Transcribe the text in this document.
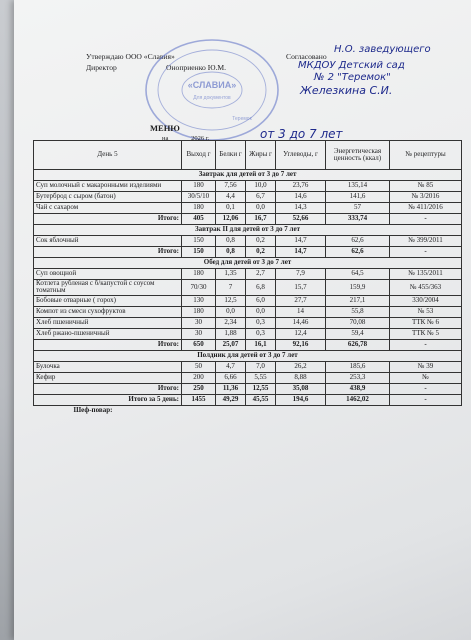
Утверждаю ООО «Славия»
Директор	Оноприенко Ю.М.
«СЛАВИА»
Для документов
Теремок
Согласовано
Н.О. заведующего
МКДОУ Детский сад
№ 2 "Теремок"
Железкина С.И.
МЕНЮ
на ______ 2026 г.	от 3 до 7 лет
День 5	Выход г	Белки г	Жиры г	Углеводы, г	Энергетическая ценность (ккал)	№ рецептуры
Завтрак для детей от 3 до 7 лет						
Суп молочный с макаронными изделиями	180	7,56	10,0	23,76	135,14	№ 85
Бутерброд с сыром (батон)	30/5/10	4,4	6,7	14,6	141,6	№ 3/2016
Чай с сахаром	180	0,1	0,0	14,3	57	№ 411/2016
Итого:	405	12,06	16,7	52,66	333,74	-
Завтрак II для детей от 3 до 7 лет						
Сок яблочный	150	0,8	0,2	14,7	62,6	№ 399/2011
Итого:	150	0,8	0,2	14,7	62,6	-
Обед для детей от 3 до 7 лет						
Суп овощной	180	1,35	2,7	7,9	64,5	№ 135/2011
Котлета рубленая с б/капустой с соусом томатным	70/30	7	6,8	15,7	159,9	№ 455/363
Бобовые отварные ( горох)	130	12,5	6,0	27,7	217,1	330/2004
Компот из смеси сухофруктов	180	0,0	0,0	14	55,8	№ 53
Хлеб пшеничный	30	2,34	0,3	14,46	70,08	ТТК № 6
Хлеб ржано-пшеничный	30	1,88	0,3	12,4	59,4	ТТК № 5
Итого:	650	25,07	16,1	92,16	626,78	-
Полдник для детей от 3 до 7 лет						
Булочка	50	4,7	7,0	26,2	185,6	№ 39
Кефир	200	6,66	5,55	8,88	253,3	№
Итого:	250	11,36	12,55	35,08	438,9	-
Итого за 5 день:	1455	49,29	45,55	194,6	1462,02	-
Шеф-повар:						
